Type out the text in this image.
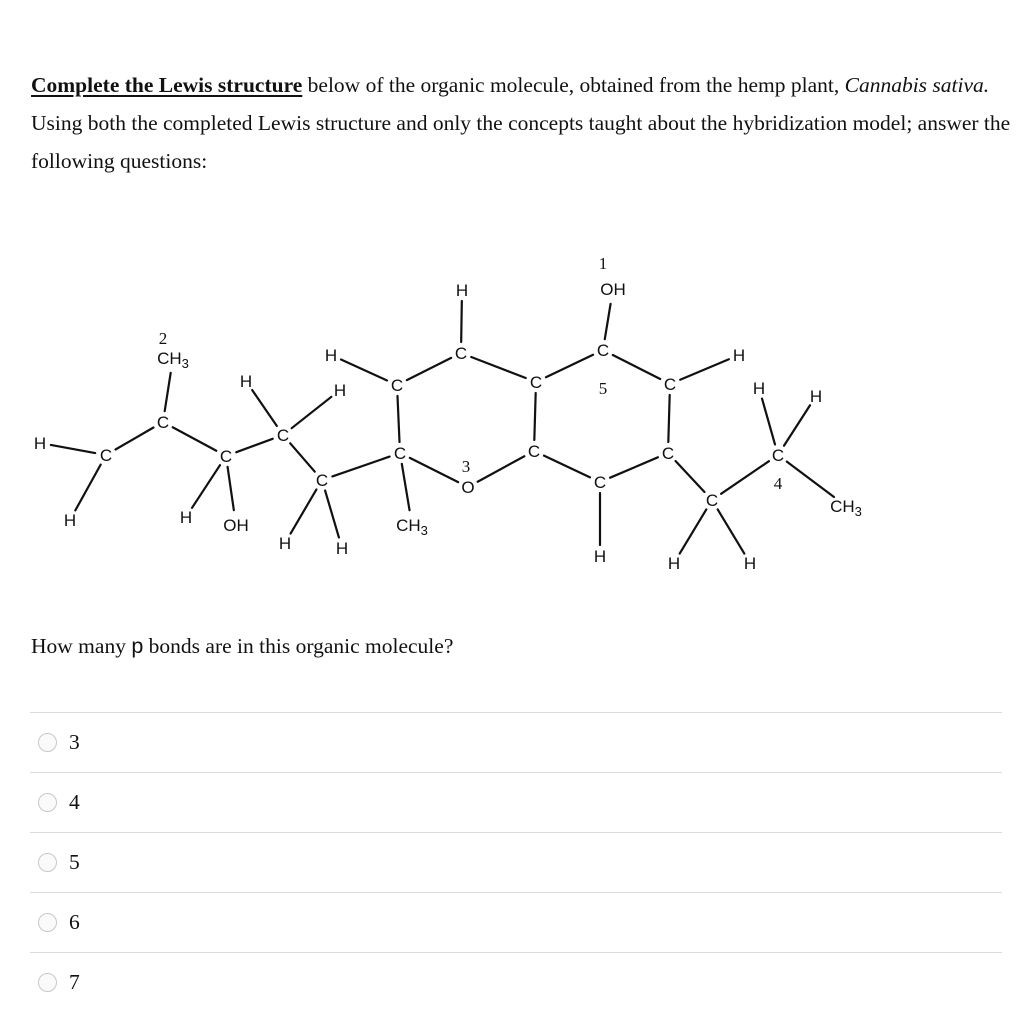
Complete the Lewis structure below of the organic molecule, obtained from the hemp plant, Cannabis sativa. Using both the completed Lewis structure and only the concepts taught about the hybridization model; answer the following questions:
H
C
H
C
$CH_3$
2
C
H OH
C
H	H
C
H	H
H
C
C
$CH_3$
C
H
O
3
C
C
C
OH
1
5
C
H
C
H
C
C
H	H
C
4
H	H
$CH_3$
How many p bonds are in this organic molecule?
3
4
5
6
7
